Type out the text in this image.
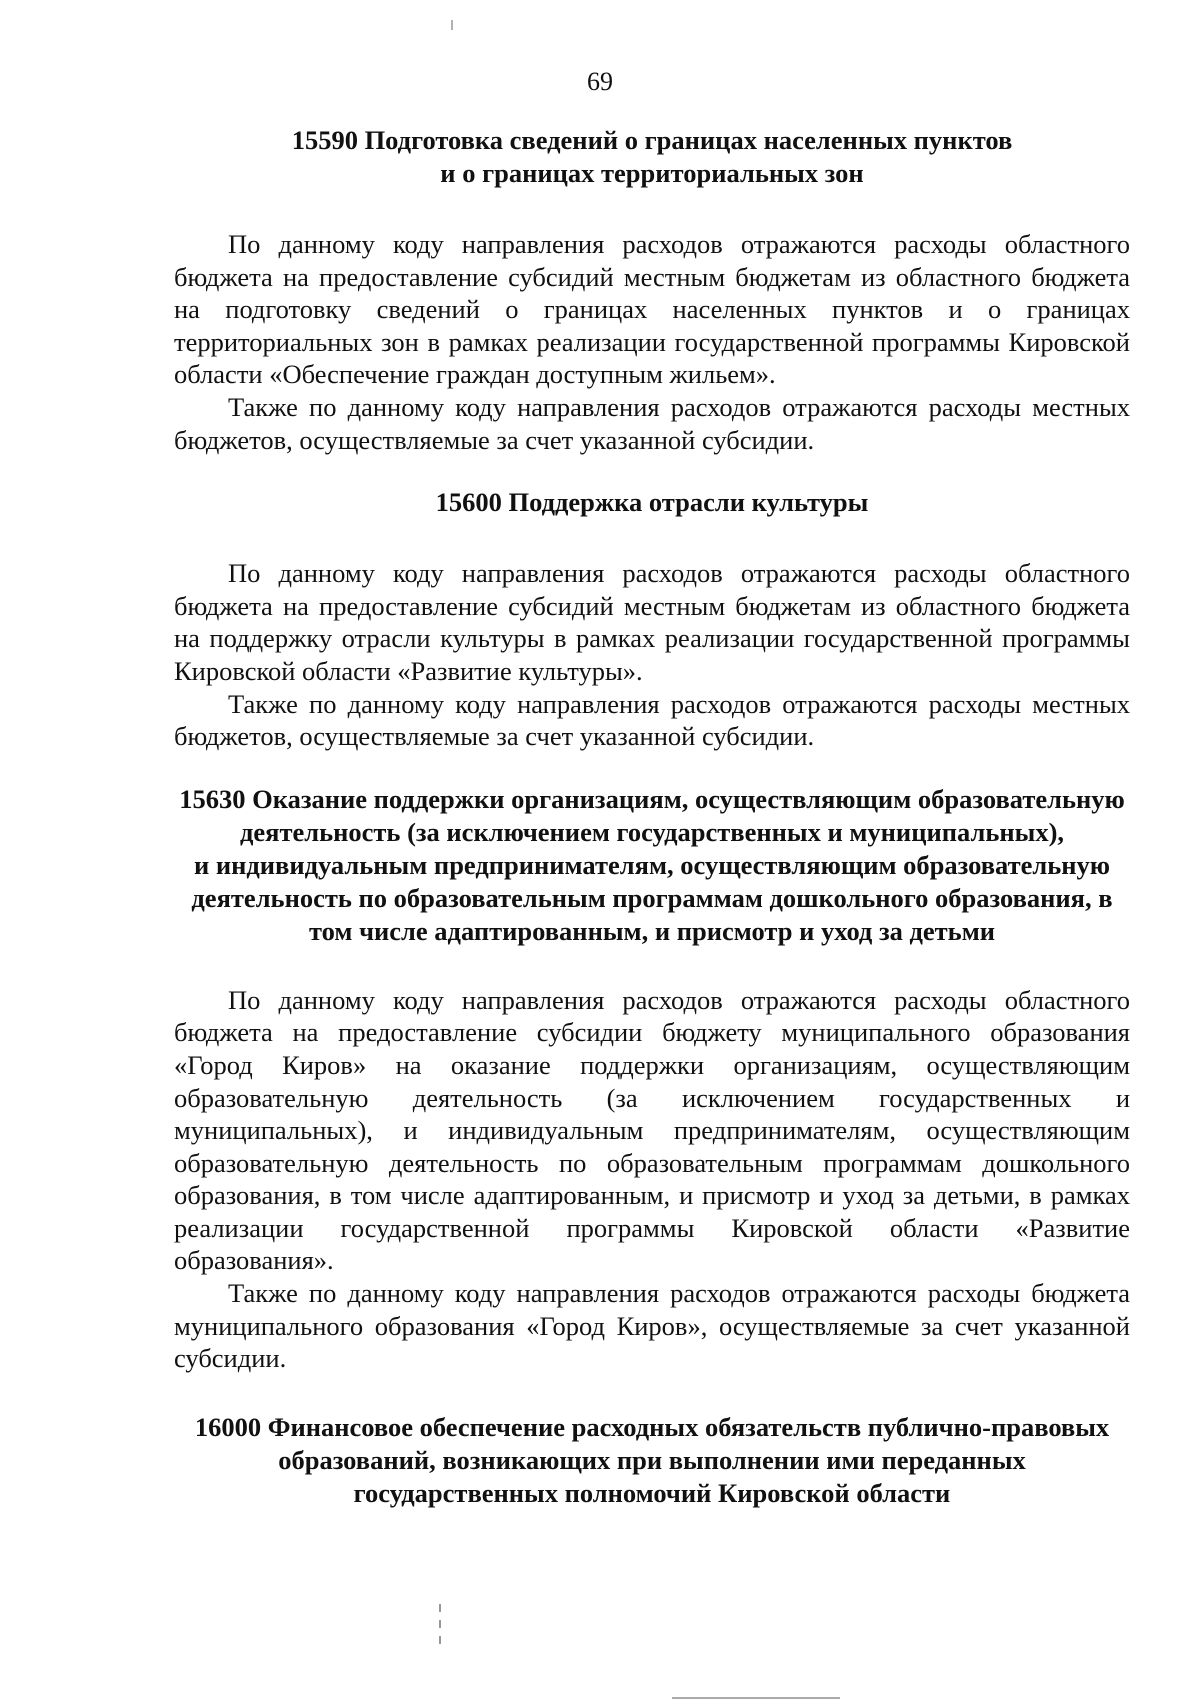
69
15590 Подготовка сведений о границах населенных пунктов
и о границах территориальных зон

По данному коду направления расходов отражаются расходы областного бюджета на предоставление субсидий местным бюджетам из областного бюджета на подготовку сведений о границах населенных пунктов и о границах территориальных зон в рамках реализации государственной программы Кировской области «Обеспечение граждан доступным жильем».

Также по данному коду направления расходов отражаются расходы местных бюджетов, осуществляемые за счет указанной субсидии.

15600 Поддержка отрасли культуры

По данному коду направления расходов отражаются расходы областного бюджета на предоставление субсидий местным бюджетам из областного бюджета на поддержку отрасли культуры в рамках реализации государственной программы Кировской области «Развитие культуры».

Также по данному коду направления расходов отражаются расходы местных бюджетов, осуществляемые за счет указанной субсидии.

15630 Оказание поддержки организациям, осуществляющим образовательную
деятельность (за исключением государственных и муниципальных),
и индивидуальным предпринимателям, осуществляющим образовательную
деятельность по образовательным программам дошкольного образования, в
том числе адаптированным, и присмотр и уход за детьми

По данному коду направления расходов отражаются расходы областного бюджета на предоставление субсидии бюджету муниципального образования «Город Киров» на оказание поддержки организациям, осуществляющим образовательную деятельность (за исключением государственных и муниципальных), и индивидуальным предпринимателям, осуществляющим образовательную деятельность по образовательным программам дошкольного образования, в том числе адаптированным, и присмотр и уход за детьми, в рамках реализации государственной программы Кировской области «Развитие образования».

Также по данному коду направления расходов отражаются расходы бюджета муниципального образования «Город Киров», осуществляемые за счет указанной субсидии.

16000 Финансовое обеспечение расходных обязательств публично-правовых
образований, возникающих при выполнении ими переданных
государственных полномочий Кировской области
